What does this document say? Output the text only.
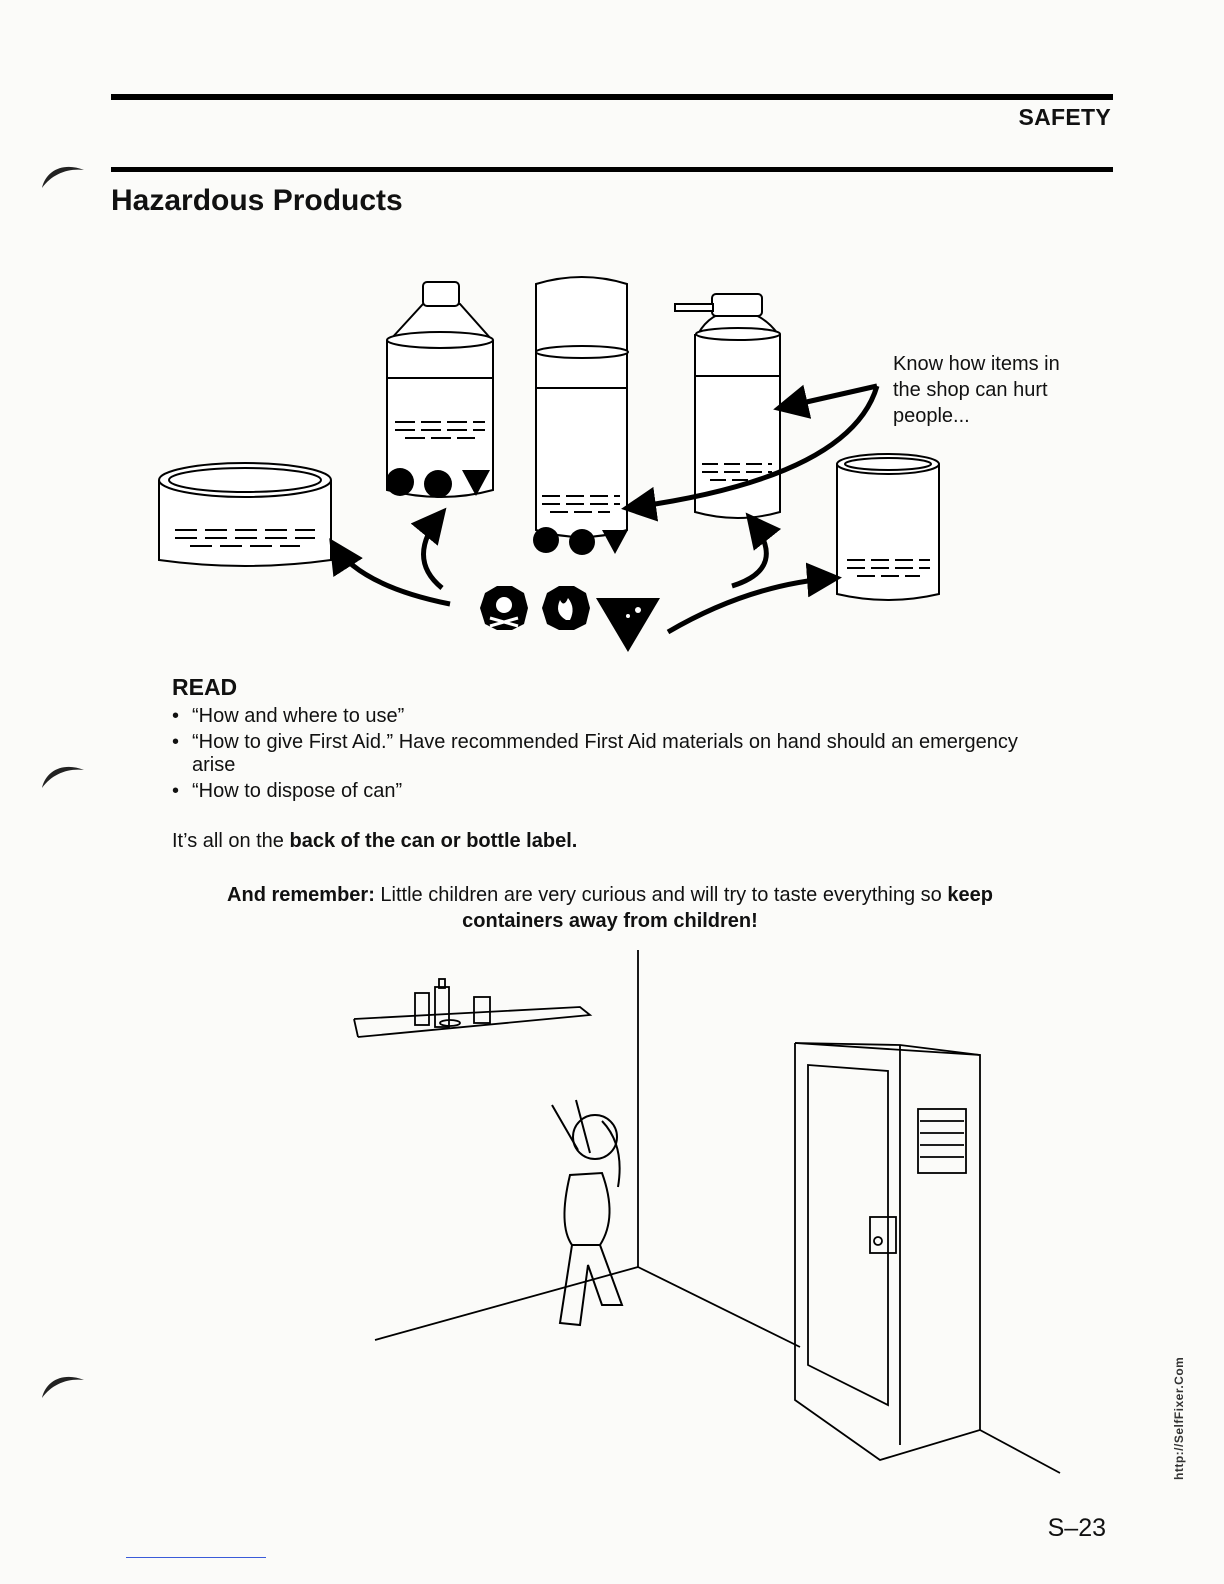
SAFETY
Hazardous Products
Know how items in the shop can hurt people...
READ
• “How and where to use”
• “How to give First Aid.” Have recommended First Aid materials on hand should an emergency arise
• “How to dispose of can”
It’s all on the back of the can or bottle label.
And remember: Little children are very curious and will try to taste everything so keep containers away from children!
S–23
http://SelfFixer.Com
